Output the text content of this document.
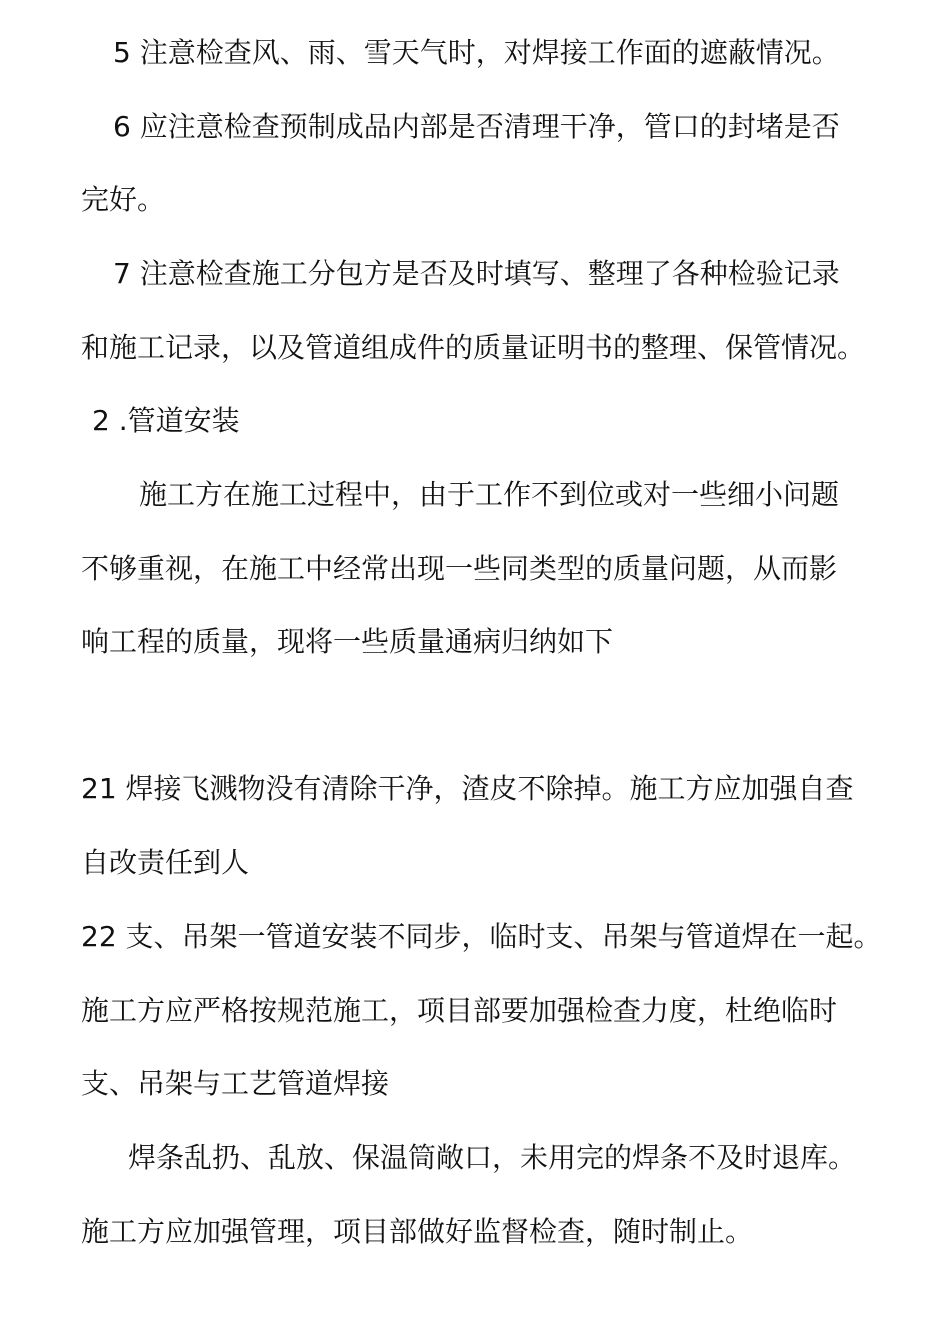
5 注意检查风、雨、雪天气时，对焊接工作面的遮蔽情况。
6 应注意检查预制成品内部是否清理干净，管口的封堵是否
完好。
7 注意检查施工分包方是否及时填写、整理了各种检验记录
和施工记录，以及管道组成件的质量证明书的整理、保管情况。
2 .管道安装
施工方在施工过程中，由于工作不到位或对一些细小问题
不够重视，在施工中经常出现一些同类型的质量问题，从而影
响工程的质量，现将一些质量通病归纳如下
21 焊接飞溅物没有清除干净，渣皮不除掉。施工方应加强自查
自改责任到人
22 支、吊架一管道安装不同步，临时支、吊架与管道焊在一起。
施工方应严格按规范施工，项目部要加强检查力度，杜绝临时
支、吊架与工艺管道焊接
焊条乱扔、乱放、保温筒敞口，未用完的焊条不及时退库。
施工方应加强管理，项目部做好监督检查，随时制止。
